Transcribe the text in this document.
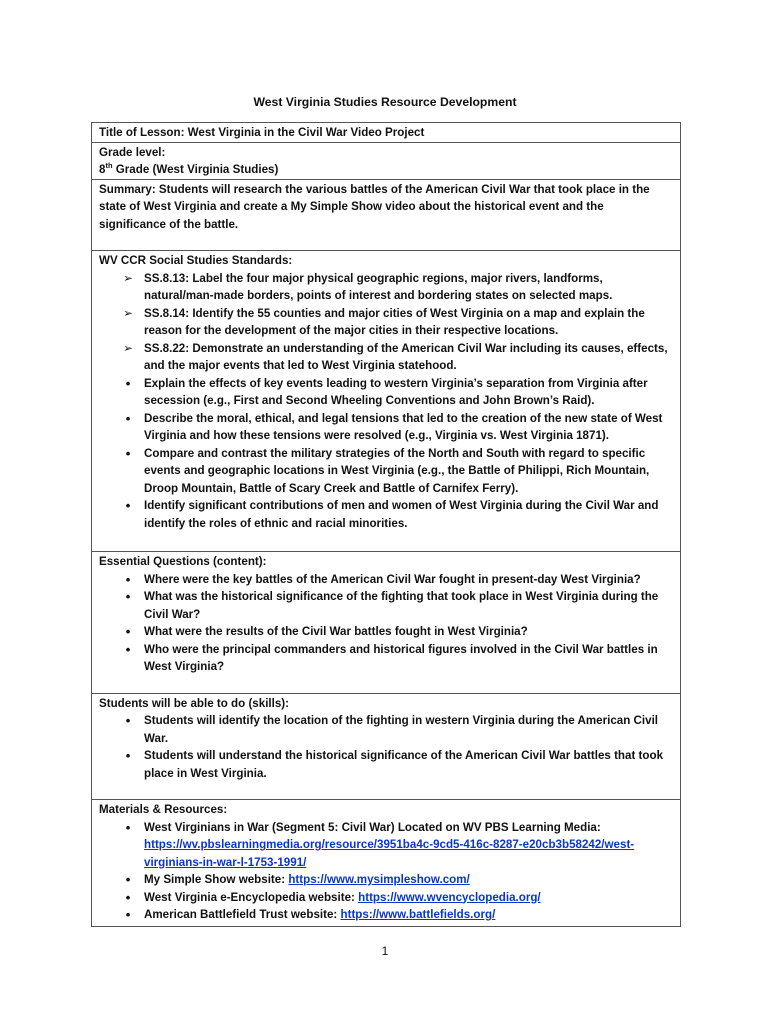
West Virginia Studies Resource Development

Title of Lesson: West Virginia in the Civil War Video Project

Grade level:

8th Grade (West Virginia Studies)

Summary: Students will research the various battles of the American Civil War that took place in the state of West Virginia and create a My Simple Show video about the historical event and the significance of the battle.

WV CCR Social Studies Standards:

➢ SS.8.13: Label the four major physical geographic regions, major rivers, landforms, natural/man-made borders, points of interest and bordering states on selected maps.
➢ SS.8.14: Identify the 55 counties and major cities of West Virginia on a map and explain the reason for the development of the major cities in their respective locations.
➢ SS.8.22: Demonstrate an understanding of the American Civil War including its causes, effects, and the major events that led to West Virginia statehood.
•	Explain the effects of key events leading to western Virginia’s separation from Virginia after secession (e.g., First and Second Wheeling Conventions and John Brown’s Raid).
•	Describe the moral, ethical, and legal tensions that led to the creation of the new state of West Virginia and how these tensions were resolved (e.g., Virginia vs. West Virginia 1871).
•	Compare and contrast the military strategies of the North and South with regard to specific events and geographic locations in West Virginia (e.g., the Battle of Philippi, Rich Mountain, Droop Mountain, Battle of Scary Creek and Battle of Carnifex Ferry).
•	Identify significant contributions of men and women of West Virginia during the Civil War and identify the roles of ethnic and racial minorities.

Essential Questions (content):

•	Where were the key battles of the American Civil War fought in present-day West Virginia?
•	What was the historical significance of the fighting that took place in West Virginia during the Civil War?
•	What were the results of the Civil War battles fought in West Virginia?
•	Who were the principal commanders and historical figures involved in the Civil War battles in West Virginia?

Students will be able to do (skills):

•	Students will identify the location of the fighting in western Virginia during the American Civil War.
•	Students will understand the historical significance of the American Civil War battles that took place in West Virginia.

Materials & Resources:

•	West Virginians in War (Segment 5: Civil War) Located on WV PBS Learning Media: https://wv.pbslearningmedia.org/resource/3951ba4c-9cd5-416c-8287-e20cb3b58242/west-virginians-in-war-l-1753-1991/
•	My Simple Show website: https://www.mysimpleshow.com/
•	West Virginia e-Encyclopedia website: https://www.wvencyclopedia.org/
•	American Battlefield Trust website: https://www.battlefields.org/
1
